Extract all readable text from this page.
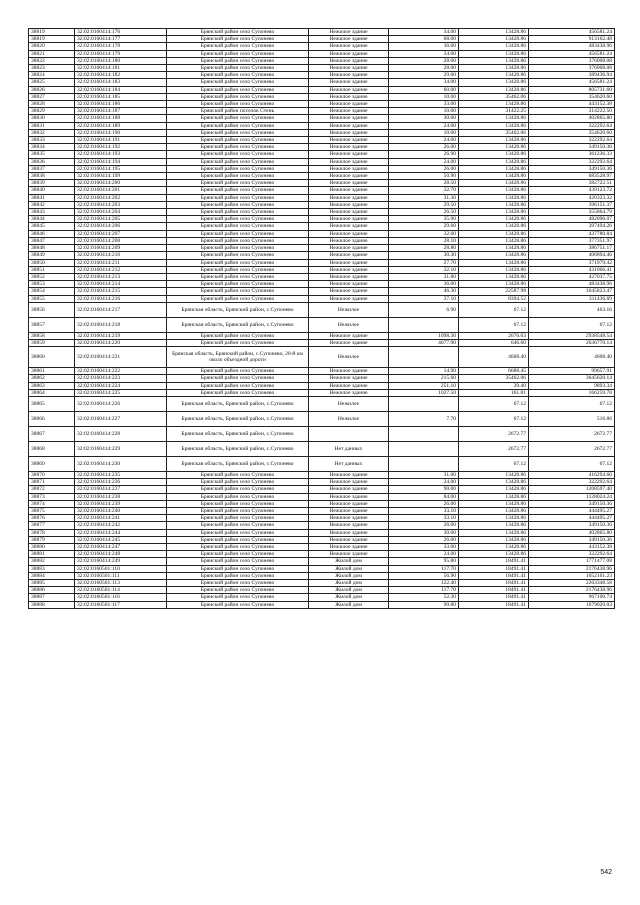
38819	32:02:0160414:176	Брянский район село Супонево	Нежилое здание	34.00	13428.86	456581.24
38819	32:02:0160414:177	Брянский район село Супонево	Нежилое здание	68.00	13428.86	913162.48
38820	32:02:0160414:178	Брянский район село Супонево	Нежилое здание	36.00	13428.86	483438.96
38821	32:02:0160414:179	Брянский район село Супонево	Нежилое здание	34.00	13428.86	456581.24
38822	32:02:0160414:180	Брянский район село Супонево	Нежилое здание	28.00	13428.86	376008.08
38823	32:02:0160414:181	Брянский район село Супонево	Нежилое здание	28.00	13428.86	376008.08
38824	32:02:0160414:182	Брянский район село Супонево	Нежилое здание	29.00	13428.86	389436.94
38825	32:02:0160414:183	Брянский район село Супонево	Нежилое здание	34.00	13428.86	456581.24
38826	32:02:0160414:184	Брянский район село Супонево	Нежилое здание	60.00	13428.86	805731.60
38827	32:02:0160414:185	Брянский район село Супонево	Нежилое здание	10.00	35462.06	354620.60
38828	32:02:0160414:186	Брянский район село Супонево	Нежилое здание	33.00	13428.86	443152.38
38829	32:02:0160414:187	Брянский район поселок Стень	Нежилое здание	10.00	31422.25	314222.50
38830	32:02:0160414:188	Брянский район село Супонево	Нежилое здание	30.00	13428.86	402865.80
38831	32:02:0160414:189	Брянский район село Супонево	Нежилое здание	24.00	13428.86	322292.64
38832	32:02:0160414:190	Брянский район село Супонево	Нежилое здание	10.00	35462.06	354620.60
38833	32:02:0160414:191	Брянский район село Супонево	Нежилое здание	24.00	13428.86	322292.64
38834	32:02:0160414:192	Брянский район село Супонево	Нежилое здание	26.00	13428.86	349150.36
38835	32:02:0160414:193	Брянский район село Супонево	Нежилое здание	26.90	13428.86	361236.33
38836	32:02:0160414:194	Брянский район село Супонево	Нежилое здание	24.00	13428.86	322292.64
38837	32:02:0160414:195	Брянский район село Супонево	Нежилое здание	26.00	13428.86	349150.36
38838	32:02:0160414:199	Брянский район село Супонево	Нежилое здание	50.90	13428.86	683528.97
38839	32:02:0160414:200	Брянский район село Супонево	Нежилое здание	28.50	13428.86	382722.51
38840	32:02:0160414:201	Брянский район село Супонево	Нежилое здание	32.70	13428.86	439123.72
38841	32:02:0160414:202	Брянский район село Супонево	Нежилое здание	31.30	13428.86	420323.32
38842	32:02:0160414:203	Брянский район село Супонево	Нежилое здание	29.50	13428.86	396151.37
38843	32:02:0160414:204	Брянский район село Супонево	Нежилое здание	26.50	13428.86	355864.79
38844	32:02:0160414:205	Брянский район село Супонево	Нежилое здание	35.90	13428.86	482096.07
38845	32:02:0160414:206	Брянский район село Супонево	Нежилое здание	29.60	13428.86	397494.26
38846	32:02:0160414:207	Брянский район село Супонево	Нежилое здание	32.60	13428.86	437780.84
38847	32:02:0160414:208	Брянский район село Супонево	Нежилое здание	28.10	13428.86	377351.97
38848	32:02:0160414:209	Брянский район село Супонево	Нежилое здание	28.80	13428.86	386751.17
38849	32:02:0160414:210	Брянский район село Супонево	Нежилое здание	30.30	13428.86	406894.46
38850	32:02:0160414:211	Брянский район село Супонево	Нежилое здание	27.70	13428.86	371979.42
38851	32:02:0160414:212	Брянский район село Супонево	Нежилое здание	32.10	13428.86	431066.41
38852	32:02:0160414:213	Брянский район село Супонево	Нежилое здание	31.80	13428.86	427037.75
38853	32:02:0160414:214	Брянский район село Супонево	Нежилое здание	36.00	13428.86	483438.96
38854	32:02:0160414:215	Брянский район село Супонево	Нежилое здание	46.30	22587.98	1045823.47
38855	32:02:0160414:216	Брянский район село Супонево	Нежилое здание	37.10	8394.52	311436.69
38856	32:02:0160414:217	Брянская область, Брянский район, с.Супонево	Нежилое	6.90	67.12	463.16
38857	32:02:0160414:218	Брянская область, Брянский район, с.Супонево	Нежилое		67.12	67.12
38858	32:02:0160414:219	Брянский район село Супонево	Нежилое здание	1098.30	2676.03	2938548.54
38859	32:02:0160414:220	Брянский район село Супонево	Нежилое здание	4077.90	646.60	2636770.14
38860	32:02:0160414:221	Брянская область, Брянский район, с.Супонево, 20-й км около объездной дороги	Нежилое		4608.40	4608.40
38861	32:02:0160414:222	Брянский район село Супонево	Нежилое здание	14.90	6688.45	99657.91
38862	32:02:0160414:223	Брянский район село Супонево	Нежилое здание	215.60	35462.06	3645620.14
38863	32:02:0160414:224	Брянский район село Супонево	Нежилое здание	251.10	39.40	9893.34
38864	32:02:0160414:225	Брянский район село Супонево	Нежилое здание	1027.50	161.81	166259.78
38865	32:02:0160414:226	Брянская область, Брянский район, с.Супонево	Нежилое		67.12	67.12
38866	32:02:0160414:227	Брянская область, Брянский район, с.Супонево	Нежилое	7.70	67.12	516.86
38867	32:02:0160414:228	Брянская область, Брянский район, с.Супонево			2672.77	2672.77
38868	32:02:0160414:229	Брянская область, Брянский район, с.Супонево	Нет данных		2672.77	2672.77
38869	32:02:0160414:230	Брянская область, Брянский район, с.Супонево	Нет данных		67.12	67.12
38870	32:02:0160414:235	Брянский район село Супонево	Нежилое здание	31.00	13428.86	416294.66
38871	32:02:0160414:236	Брянский район село Супонево	Нежилое здание	24.00	13428.86	322292.64
38872	32:02:0160414:237	Брянский район село Супонево	Нежилое здание	90.00	13428.86	1208597.40
38873	32:02:0160414:238	Брянский район село Супонево	Нежилое здание	84.00	13428.86	1128024.24
38874	32:02:0160414:239	Брянский район село Супонево	Нежилое здание	26.00	13428.86	349150.36
38875	32:02:0160414:240	Брянский район село Супонево	Нежилое здание	33.10	13428.86	444495.27
38876	32:02:0160414:241	Брянский район село Супонево	Нежилое здание	33.10	13428.86	444495.27
38877	32:02:0160414:242	Брянский район село Супонево	Нежилое здание	26.00	13428.86	349150.36
38878	32:02:0160414:244	Брянский район село Супонево	Нежилое здание	30.00	13428.86	402865.80
38879	32:02:0160414:245	Брянский район село Супонево	Нежилое здание	26.00	13428.86	349150.36
38880	32:02:0160414:247	Брянский район село Супонево	Нежилое здание	33.00	13428.86	443152.38
38881	32:02:0160414:248	Брянский район село Супонево	Нежилое здание	24.00	13428.86	322292.64
38882	32:02:0160414:249	Брянский район село Супонево	Жилой дом	95.80	18491.41	1771477.08
38883	32:02:0160501:110	Брянский район село Супонево	Жилой дом	117.70	18491.41	2176438.96
38884	32:02:0160501:111	Брянский район село Супонево	Жилой дом	56.90	18491.41	1052161.23
38885	32:02:0160501:113	Брянский район село Супонево	Жилой дом	122.40	18491.41	2263348.58
38886	32:02:0160501:114	Брянский район село Супонево	Жилой дом	117.70	18491.41	2176438.96
38887	32:02:0160501:116	Брянский район село Супонево	Жилой дом	52.30	18491.41	967100.74
38888	32:02:0160501:117	Брянский район село Супонево	Жилой дом	90.80	18491.41	1679020.03
542
